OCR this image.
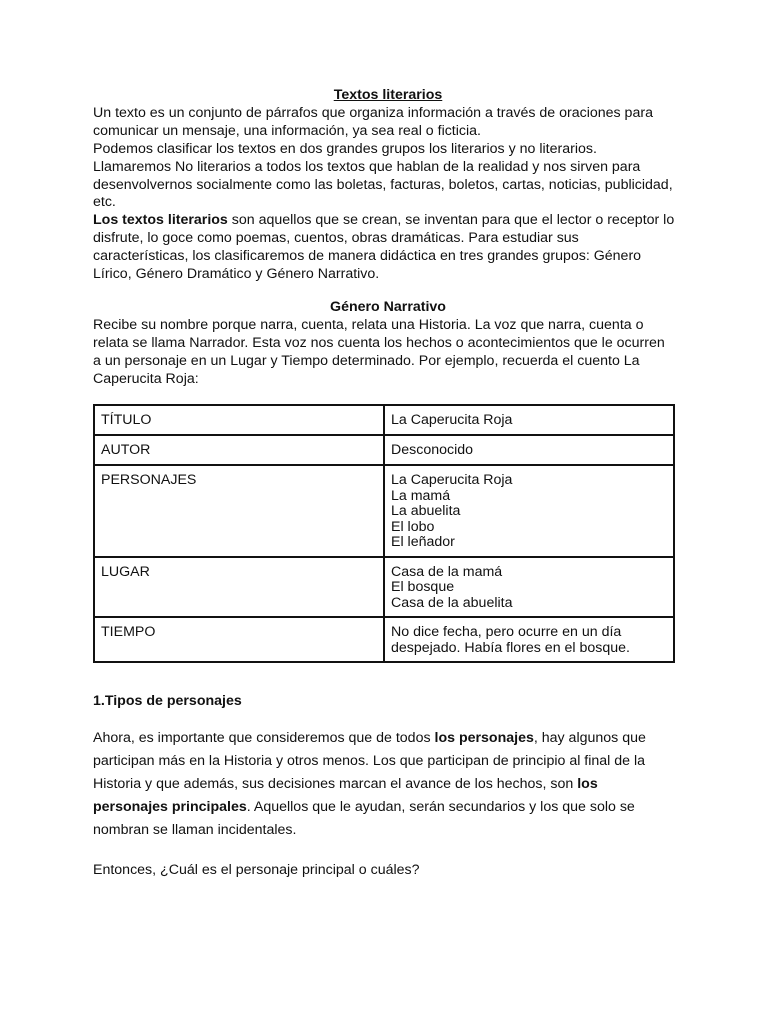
Textos literarios
Un texto es un conjunto de párrafos que organiza información a través de oraciones para
comunicar un mensaje, una información, ya sea real o ficticia.
Podemos clasificar los textos en dos grandes grupos los literarios y no literarios.
Llamaremos No literarios a todos los textos que hablan de la realidad y nos sirven para
desenvolvernos socialmente como las boletas, facturas, boletos, cartas, noticias, publicidad,
etc.
Los textos literarios son aquellos que se crean, se inventan para que el lector o receptor lo
disfrute, lo goce como poemas, cuentos, obras dramáticas. Para estudiar sus
características, los clasificaremos de manera didáctica en tres grandes grupos: Género
Lírico, Género Dramático y Género Narrativo.
Género Narrativo
Recibe su nombre porque narra, cuenta, relata una Historia. La voz que narra, cuenta o
relata se llama Narrador. Esta voz nos cuenta los hechos o acontecimientos que le ocurren
a un personaje en un Lugar y Tiempo determinado. Por ejemplo, recuerda el cuento La
Caperucita Roja:
TÍTULO	La Caperucita Roja

AUTOR	Desconocido

PERSONAJES	La Caperucita Roja
La mamá
La abuelita
El lobo
El leñador

LUGAR	Casa de la mamá
El bosque
Casa de la abuelita

TIEMPO	No dice fecha, pero ocurre en un día
despejado. Había flores en el bosque.
1.Tipos de personajes
Ahora, es importante que consideremos que de todos los personajes, hay algunos que
participan más en la Historia y otros menos. Los que participan de principio al final de la
Historia y que además, sus decisiones marcan el avance de los hechos, son los
personajes principales. Aquellos que le ayudan, serán secundarios y los que solo se
nombran se llaman incidentales.
Entonces, ¿Cuál es el personaje principal o cuáles?
